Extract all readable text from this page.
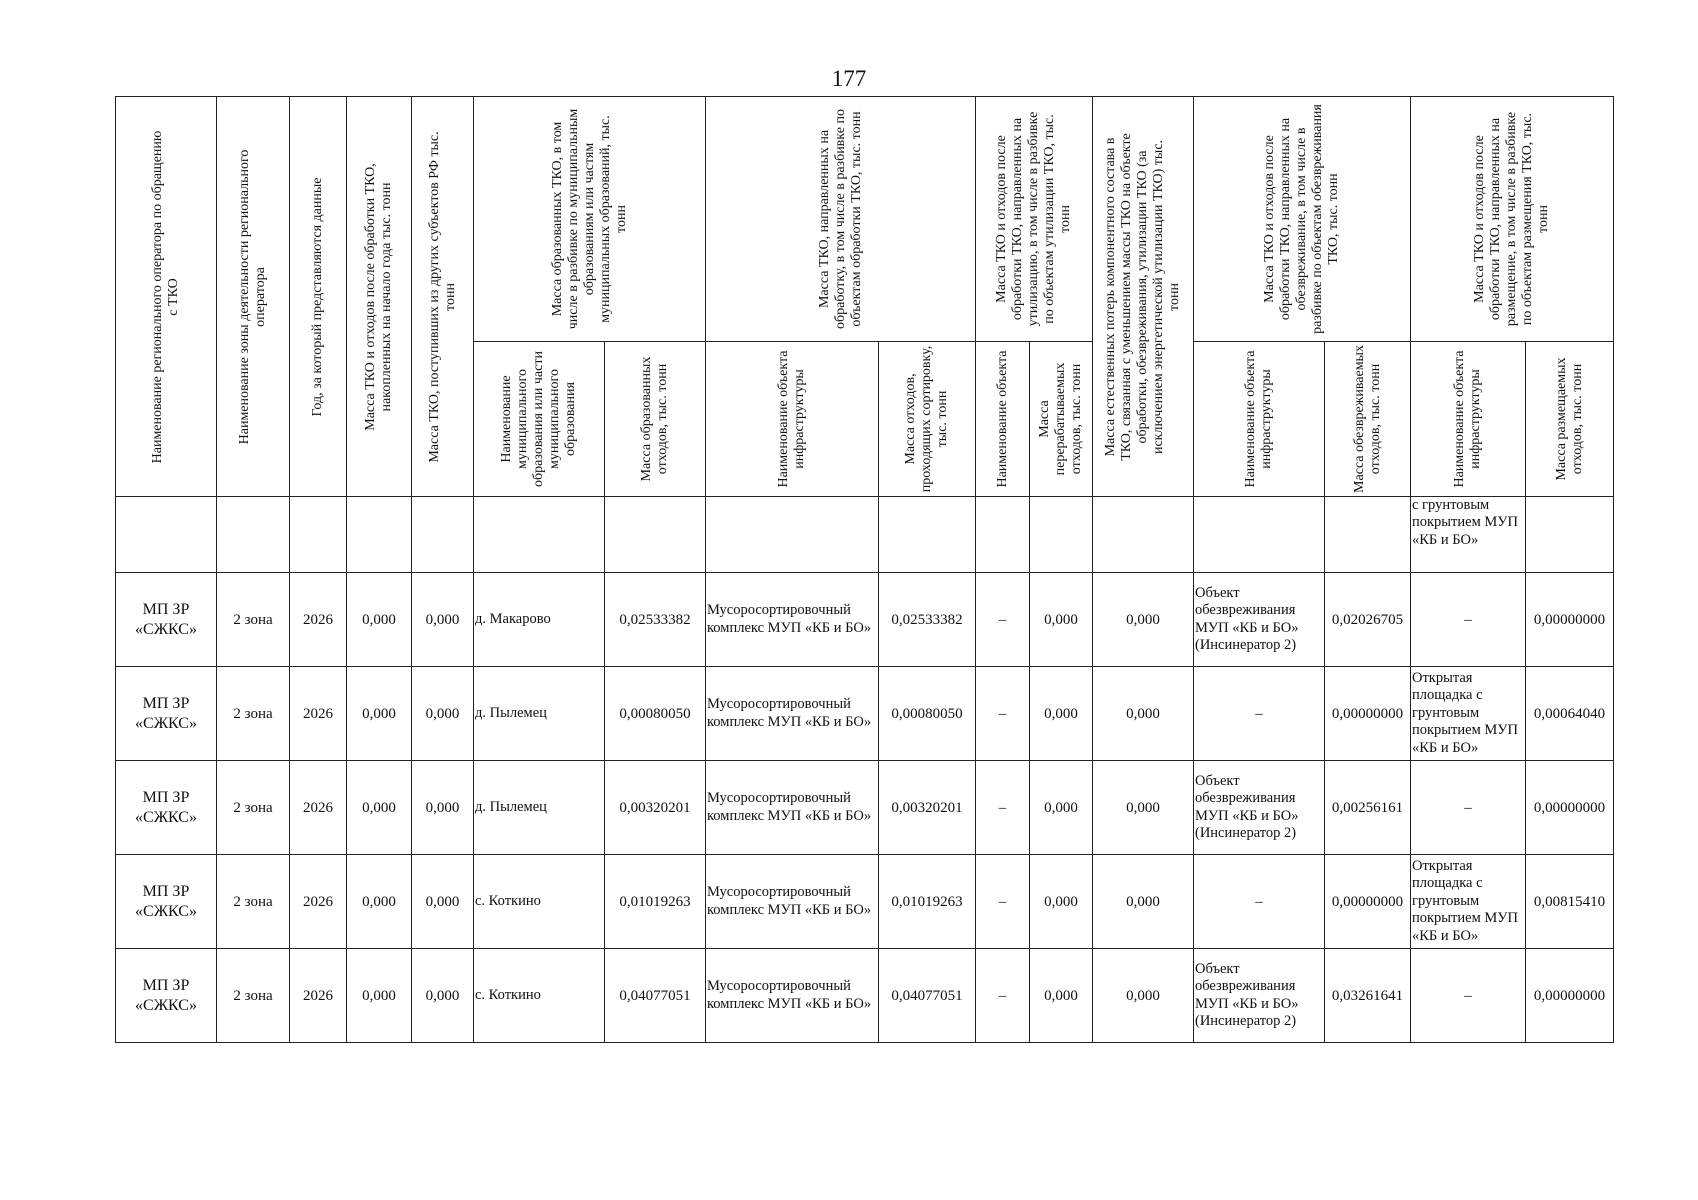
177
Наименование регионального оператора по обращению с ТКО	Наименование зоны деятельности регионального оператора	Год, за который представляются данные	Масса ТКО и отходов после обработки ТКО, накопленных на начало года тыс. тонн	Масса ТКО, поступивших из других субъектов РФ тыс. тонн	Масса образованных ТКО, в том числе в разбивке по муниципальным образованиям или частям муниципальных образований, тыс. тонн		Масса ТКО, направленных на обработку, в том числе в разбивке по объектам обработки ТКО, тыс. тонн		Масса ТКО и отходов после обработки ТКО, направленных на утилизацию, в том числе в разбивке по объектам утилизации ТКО, тыс. тонн		Масса естественных потерь компонентного состава в ТКО, связанная с уменьшением массы ТКО на объекте обработки, обезвреживания, утилизации ТКО (за исключением энергетической утилизации ТКО) тыс. тонн	Масса ТКО и отходов после обработки ТКО, направленных на обезвреживание, в том числе в разбивке по объектам обезвреживания ТКО, тыс. тонн		Масса ТКО и отходов после обработки ТКО, направленных на размещение, в том числе в разбивке по объектам размещения ТКО, тыс. тонн	

					Наименование муниципального образования или части муниципального образования	Масса образованных отходов, тыс. тонн	Наименование объекта инфраструктуры	Масса отходов, проходящих сортировку, тыс. тонн	Наименование объекта	Масса перерабатываемых отходов, тыс. тонн		Наименование объекта инфраструктуры	Масса обезвреживаемых отходов, тыс. тонн	Наименование объекта инфраструктуры	Масса размещаемых отходов, тыс. тонн

														с грунтовым покрытием МУП «КБ и БО»	
МП ЗР «СЖКС»	2 зона	2026	0,000	0,000	д. Макарово	0,02533382	Мусоросортировочный комплекс МУП «КБ и БО»	0,02533382	–	0,000	0,000	Объект обезвреживания МУП «КБ и БО» (Инсинератор 2)	0,02026705	–	0,00000000
МП ЗР «СЖКС»	2 зона	2026	0,000	0,000	д. Пылемец	0,00080050	Мусоросортировочный комплекс МУП «КБ и БО»	0,00080050	–	0,000	0,000	–	0,00000000	Открытая площадка с грунтовым покрытием МУП «КБ и БО»	0,00064040
МП ЗР «СЖКС»	2 зона	2026	0,000	0,000	д. Пылемец	0,00320201	Мусоросортировочный комплекс МУП «КБ и БО»	0,00320201	–	0,000	0,000	Объект обезвреживания МУП «КБ и БО» (Инсинератор 2)	0,00256161	–	0,00000000
МП ЗР «СЖКС»	2 зона	2026	0,000	0,000	с. Коткино	0,01019263	Мусоросортировочный комплекс МУП «КБ и БО»	0,01019263	–	0,000	0,000	–	0,00000000	Открытая площадка с грунтовым покрытием МУП «КБ и БО»	0,00815410
МП ЗР «СЖКС»	2 зона	2026	0,000	0,000	с. Коткино	0,04077051	Мусоросортировочный комплекс МУП «КБ и БО»	0,04077051	–	0,000	0,000	Объект обезвреживания МУП «КБ и БО» (Инсинератор 2)	0,03261641	–	0,00000000
